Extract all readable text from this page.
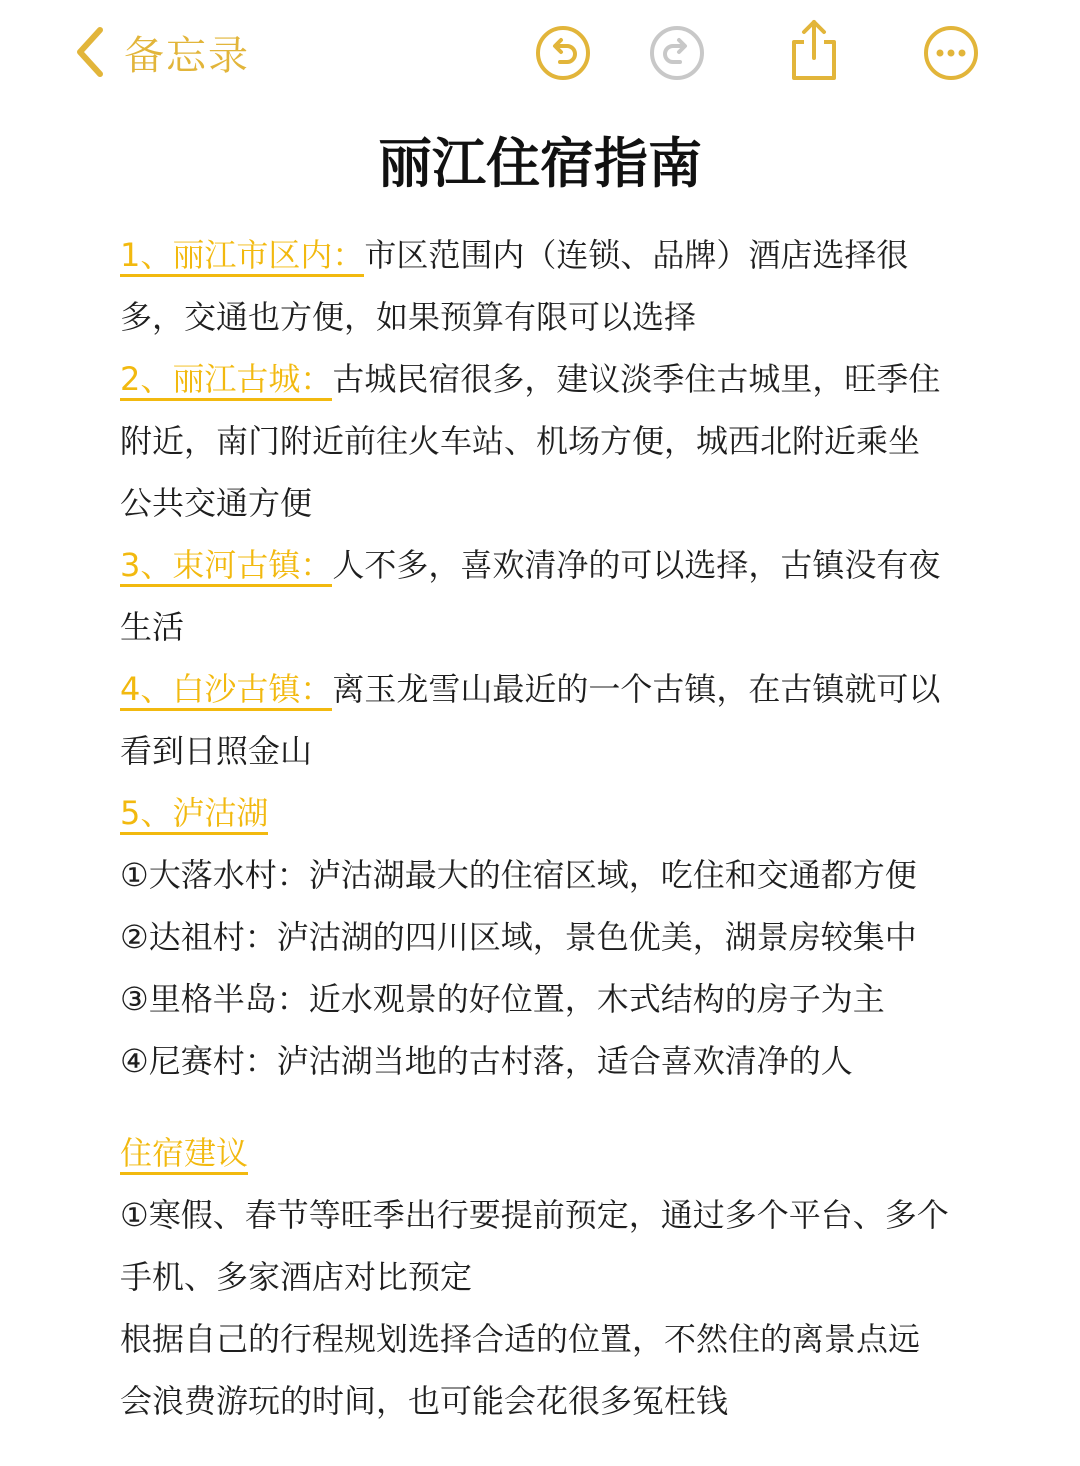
备忘录
丽江住宿指南

1、丽江市区内：市区范围内（连锁、品牌）酒店选择很多，交通也方便，如果预算有限可以选择

2、丽江古城：古城民宿很多，建议淡季住古城里，旺季住附近，南门附近前往火车站、机场方便，城西北附近乘坐公共交通方便

3、束河古镇：人不多，喜欢清净的可以选择，古镇没有夜生活

4、白沙古镇：离玉龙雪山最近的一个古镇，在古镇就可以看到日照金山

5、泸沽湖

①大落水村：泸沽湖最大的住宿区域，吃住和交通都方便

②达祖村：泸沽湖的四川区域，景色优美，湖景房较集中

③里格半岛：近水观景的好位置，木式结构的房子为主

④尼赛村：泸沽湖当地的古村落，适合喜欢清净的人

住宿建议

①寒假、春节等旺季出行要提前预定，通过多个平台、多个手机、多家酒店对比预定

根据自己的行程规划选择合适的位置，不然住的离景点远会浪费游玩的时间，也可能会花很多冤枉钱
